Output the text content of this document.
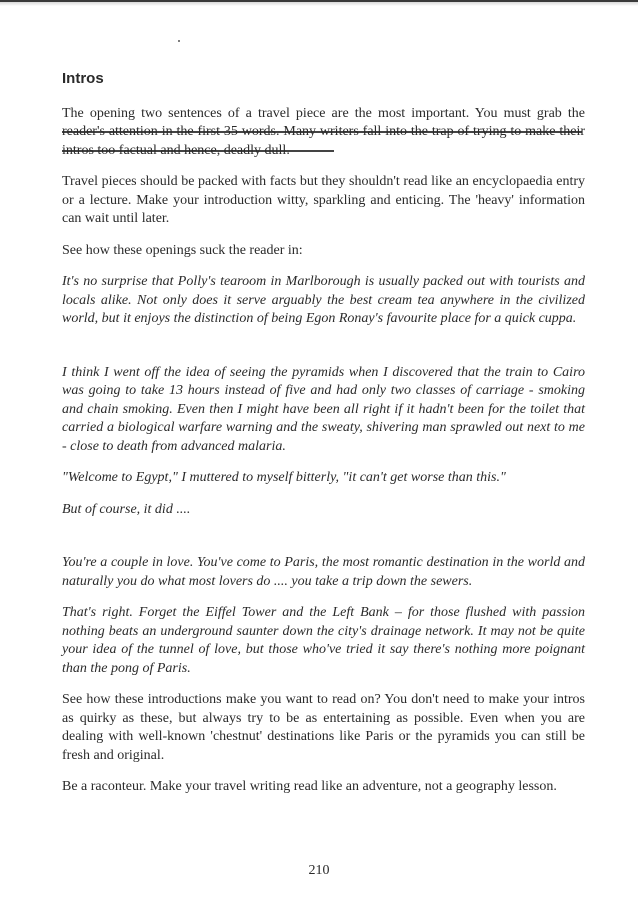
Intros
The opening two sentences of a travel piece are the most important. You must grab the reader's attention in the first 35 words. Many writers fall into the trap of trying to make their intros too factual and hence, deadly dull.
Travel pieces should be packed with facts but they shouldn't read like an encyclopaedia entry or a lecture. Make your introduction witty, sparkling and enticing. The 'heavy' information can wait until later.
See how these openings suck the reader in:
It's no surprise that Polly's tearoom in Marlborough is usually packed out with tourists and locals alike. Not only does it serve arguably the best cream tea anywhere in the civilized world, but it enjoys the distinction of being Egon Ronay's favourite place for a quick cuppa.
I think I went off the idea of seeing the pyramids when I discovered that the train to Cairo was going to take 13 hours instead of five and had only two classes of carriage - smoking and chain smoking. Even then I might have been all right if it hadn't been for the toilet that carried a biological warfare warning and the sweaty, shivering man sprawled out next to me - close to death from advanced malaria.
"Welcome to Egypt," I muttered to myself bitterly, "it can't get worse than this."
But of course, it did ....
You're a couple in love. You've come to Paris, the most romantic destination in the world and naturally you do what most lovers do .... you take a trip down the sewers.
That's right. Forget the Eiffel Tower and the Left Bank – for those flushed with passion nothing beats an underground saunter down the city's drainage network. It may not be quite your idea of the tunnel of love, but those who've tried it say there's nothing more poignant than the pong of Paris.
See how these introductions make you want to read on? You don't need to make your intros as quirky as these, but always try to be as entertaining as possible. Even when you are dealing with well-known 'chestnut' destinations like Paris or the pyramids you can still be fresh and original.
Be a raconteur. Make your travel writing read like an adventure, not a geography lesson.
210
